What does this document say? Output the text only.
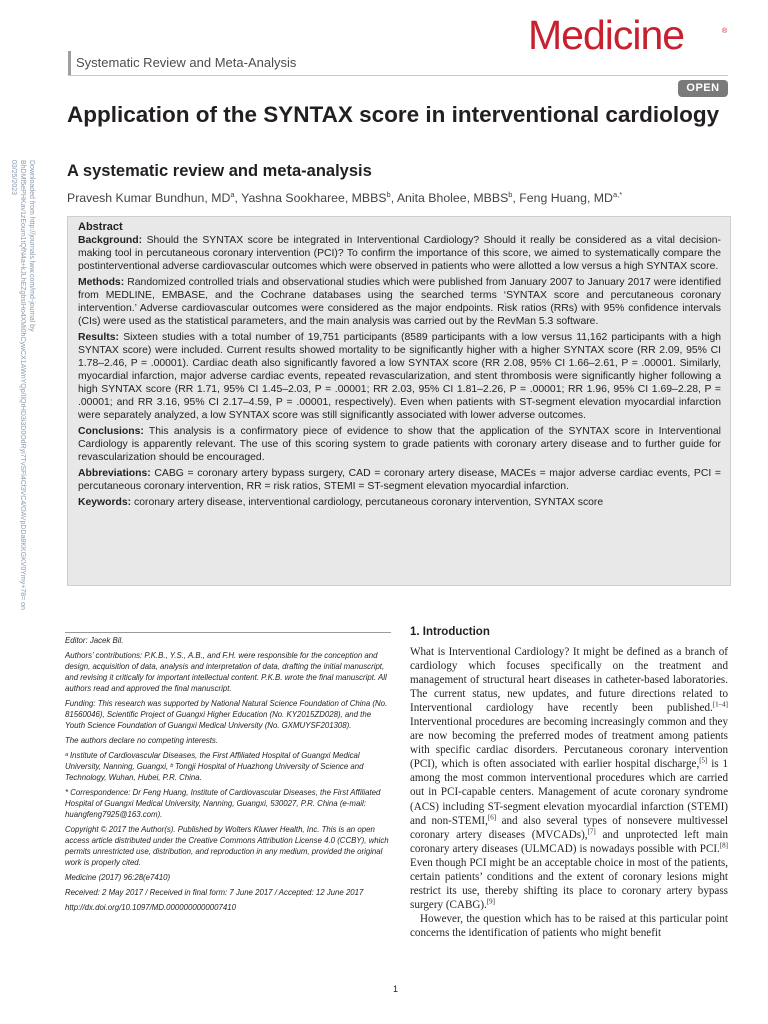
Downloaded from http://journals.lww.com/md-journal by BhDMf5ePHKav1zEoum1tQfN4a+kJLhEZgbsIHo4XMi0hCywCX1AWnYQp/IlQrHD3i3D0OdRyi7TvSFl4Cf3VC4/OAVpDDa8KKGKV0Ymy+78= on 03/25/2023
Systematic Review and Meta-Analysis
Medicine	®
OPEN
Application of the SYNTAX score in interventional cardiology
A systematic review and meta-analysis
Pravesh Kumar Bundhun, $MD^a$, Yashna Sookharee, MBBS$^b$, Anita Bholee, MBBS$^b$, Feng Huang, $MD^{a,*}$
Abstract

Background: Should the SYNTAX score be integrated in Interventional Cardiology? Should it really be considered as a vital decision-making tool in percutaneous coronary intervention (PCI)? To confirm the importance of this score, we aimed to systematically compare the postinterventional adverse cardiovascular outcomes which were observed in patients who were allotted a low versus a high SYNTAX score.

Methods: Randomized controlled trials and observational studies which were published from January 2007 to January 2017 were identified from MEDLINE, EMBASE, and the Cochrane databases using the searched terms ‘SYNTAX score and percutaneous coronary intervention.’ Adverse cardiovascular outcomes were considered as the major endpoints. Risk ratios (RRs) with 95% confidence intervals (CIs) were used as the statistical parameters, and the main analysis was carried out by the RevMan 5.3 software.

Results: Sixteen studies with a total number of 19,751 participants (8589 participants with a low versus 11,162 participants with a high SYNTAX score) were included. Current results showed mortality to be significantly higher with a higher SYNTAX score (RR 2.09, 95% CI 1.78–2.46, P = .00001). Cardiac death also significantly favored a low SYNTAX score (RR 2.08, 95% CI 1.66–2.61, P = .00001. Similarly, myocardial infarction, major adverse cardiac events, repeated revascularization, and stent thrombosis were significantly higher following a high SYNTAX score (RR 1.71, 95% CI 1.45–2.03, P = .00001; RR 2.03, 95% CI 1.81–2.26, P = .00001; RR 1.96, 95% CI 1.69–2.28, P = .00001; and RR 3.16, 95% CI 2.17–4.59, P = .00001, respectively). Even when patients with ST-segment elevation myocardial infarction were separately analyzed, a low SYNTAX score was still significantly associated with lower adverse outcomes.

Conclusions: This analysis is a confirmatory piece of evidence to show that the application of the SYNTAX score in Interventional Cardiology is apparently relevant. The use of this scoring system to grade patients with coronary artery disease and to further guide for revascularization should be encouraged.

Abbreviations: CABG = coronary artery bypass surgery, CAD = coronary artery disease, MACEs = major adverse cardiac events, PCI = percutaneous coronary intervention, RR = risk ratios, STEMI = ST-segment elevation myocardial infarction.

Keywords: coronary artery disease, interventional cardiology, percutaneous coronary intervention, SYNTAX score

Editor: Jacek Bil.

Authors’ contributions: P.K.B., Y.S., A.B., and F.H. were responsible for the conception and design, acquisition of data, analysis and interpretation of data, drafting the initial manuscript, and revising it critically for important intellectual content. P.K.B. wrote the final manuscript. All authors read and approved the final manuscript.

Funding: This research was supported by National Natural Science Foundation of China (No. 81560046), Scientific Project of Guangxi Higher Education (No. KY2015ZD028), and the Youth Science Foundation of Guangxi Medical University (No. GXMUYSF201308).

The authors declare no competing interests.

ᵃ Institute of Cardiovascular Diseases, the First Affiliated Hospital of Guangxi Medical University, Nanning, Guangxi, ᵇ Tongji Hospital of Huazhong University of Science and Technology, Wuhan, Hubei, P.R. China.

* Correspondence: Dr Feng Huang, Institute of Cardiovascular Diseases, the First Affiliated Hospital of Guangxi Medical University, Nanning, Guangxi, 530027, P.R. China (e-mail: huangfeng7925@163.com).

Copyright © 2017 the Author(s). Published by Wolters Kluwer Health, Inc. This is an open access article distributed under the Creative Commons Attribution License 4.0 (CCBY), which permits unrestricted use, distribution, and reproduction in any medium, provided the original work is properly cited.

Medicine (2017) 96:28(e7410)

Received: 2 May 2017 / Received in final form: 7 June 2017 / Accepted: 12 June 2017

http://dx.doi.org/10.1097/MD.0000000000007410

1. Introduction

What is Interventional Cardiology? It might be defined as a branch of cardiology which focuses specifically on the treatment and management of structural heart diseases in catheter-based laboratories. The current status, new updates, and future directions related to Interventional cardiology have recently been published.[1–4] Interventional procedures are becoming increasingly common and they are now becoming the preferred modes of treatment among patients with specific cardiac disorders. Percutaneous coronary intervention (PCI), which is often associated with earlier hospital discharge,[5] is 1 among the most common interventional procedures which are carried out in PCI-capable centers. Management of acute coronary syndrome (ACS) including ST-segment elevation myocardial infarction (STEMI) and non-STEMI,[6] and also several types of nonsevere multivessel coronary artery diseases (MVCADs),[7] and unprotected left main coronary artery diseases (ULMCAD) is nowadays possible with PCI.[8] Even though PCI might be an acceptable choice in most of the patients, certain patients’ conditions and the extent of coronary lesions might restrict its use, thereby shifting its place to coronary artery bypass surgery (CABG).[9]

However, the question which has to be raised at this particular point concerns the identification of patients who might benefit

1
